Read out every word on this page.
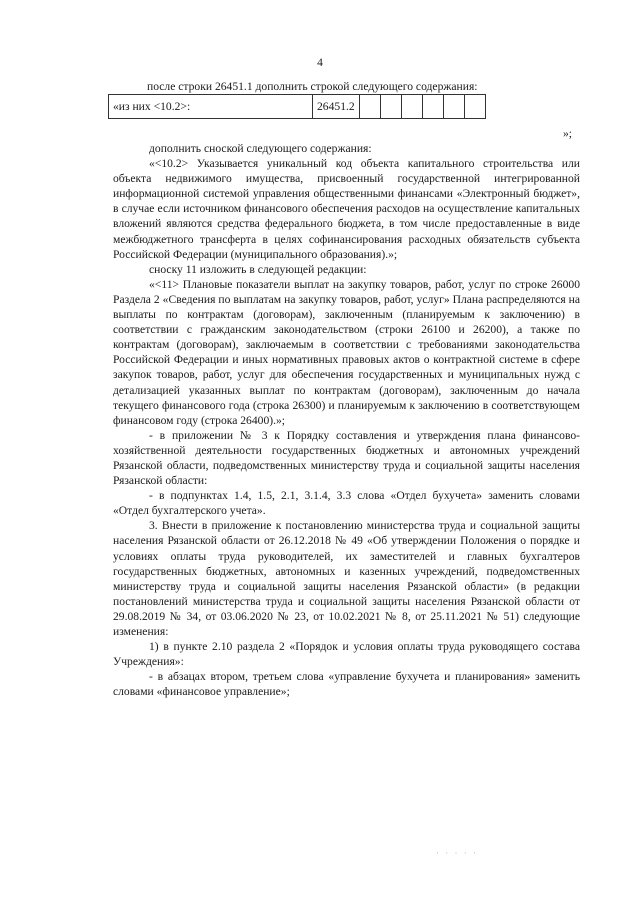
4
после строки 26451.1 дополнить строкой следующего содержания:
«из них <10.2>:	26451.2						
»;

дополнить сноской следующего содержания:

«<10.2> Указывается уникальный код объекта капитального строительства или объекта недвижимого имущества, присвоенный государственной интегрированной информационной системой управления общественными финансами «Электронный бюджет», в случае если источником финансового обеспечения расходов на осуществление капитальных вложений являются средства федерального бюджета, в том числе предоставленные в виде межбюджетного трансферта в целях софинансирования расходных обязательств субъекта Российской Федерации (муниципального образования).»;

сноску 11 изложить в следующей редакции:

«<11> Плановые показатели выплат на закупку товаров, работ, услуг по строке 26000 Раздела 2 «Сведения по выплатам на закупку товаров, работ, услуг» Плана распределяются на выплаты по контрактам (договорам), заключенным (планируемым к заключению) в соответствии с гражданским законодательством (строки 26100 и 26200), а также по контрактам (договорам), заключаемым в соответствии с требованиями законодательства Российской Федерации и иных нормативных правовых актов о контрактной системе в сфере закупок товаров, работ, услуг для обеспечения государственных и муниципальных нужд с детализацией указанных выплат по контрактам (договорам), заключенным до начала текущего финансового года (строка 26300) и планируемым к заключению в соответствующем финансовом году (строка 26400).»;

- в приложении № 3 к Порядку составления и утверждения плана финансово-хозяйственной деятельности государственных бюджетных и автономных учреждений Рязанской области, подведомственных министерству труда и социальной защиты населения Рязанской области:

- в подпунктах 1.4, 1.5, 2.1, 3.1.4, 3.3 слова «Отдел бухучета» заменить словами «Отдел бухгалтерского учета».

3. Внести в приложение к постановлению министерства труда и социальной защиты населения Рязанской области от 26.12.2018 № 49 «Об утверждении Положения о порядке и условиях оплаты труда руководителей, их заместителей и главных бухгалтеров государственных бюджетных, автономных и казенных учреждений, подведомственных министерству труда и социальной защиты населения Рязанской области» (в редакции постановлений министерства труда и социальной защиты населения Рязанской области от 29.08.2019 № 34, от 03.06.2020 № 23, от 10.02.2021 № 8, от 25.11.2021 № 51) следующие изменения:

1) в пункте 2.10 раздела 2 «Порядок и условия оплаты труда руководящего состава Учреждения»:

- в абзацах втором, третьем слова «управление бухучета и планирования» заменить словами «финансовое управление»;

· · · · ·
